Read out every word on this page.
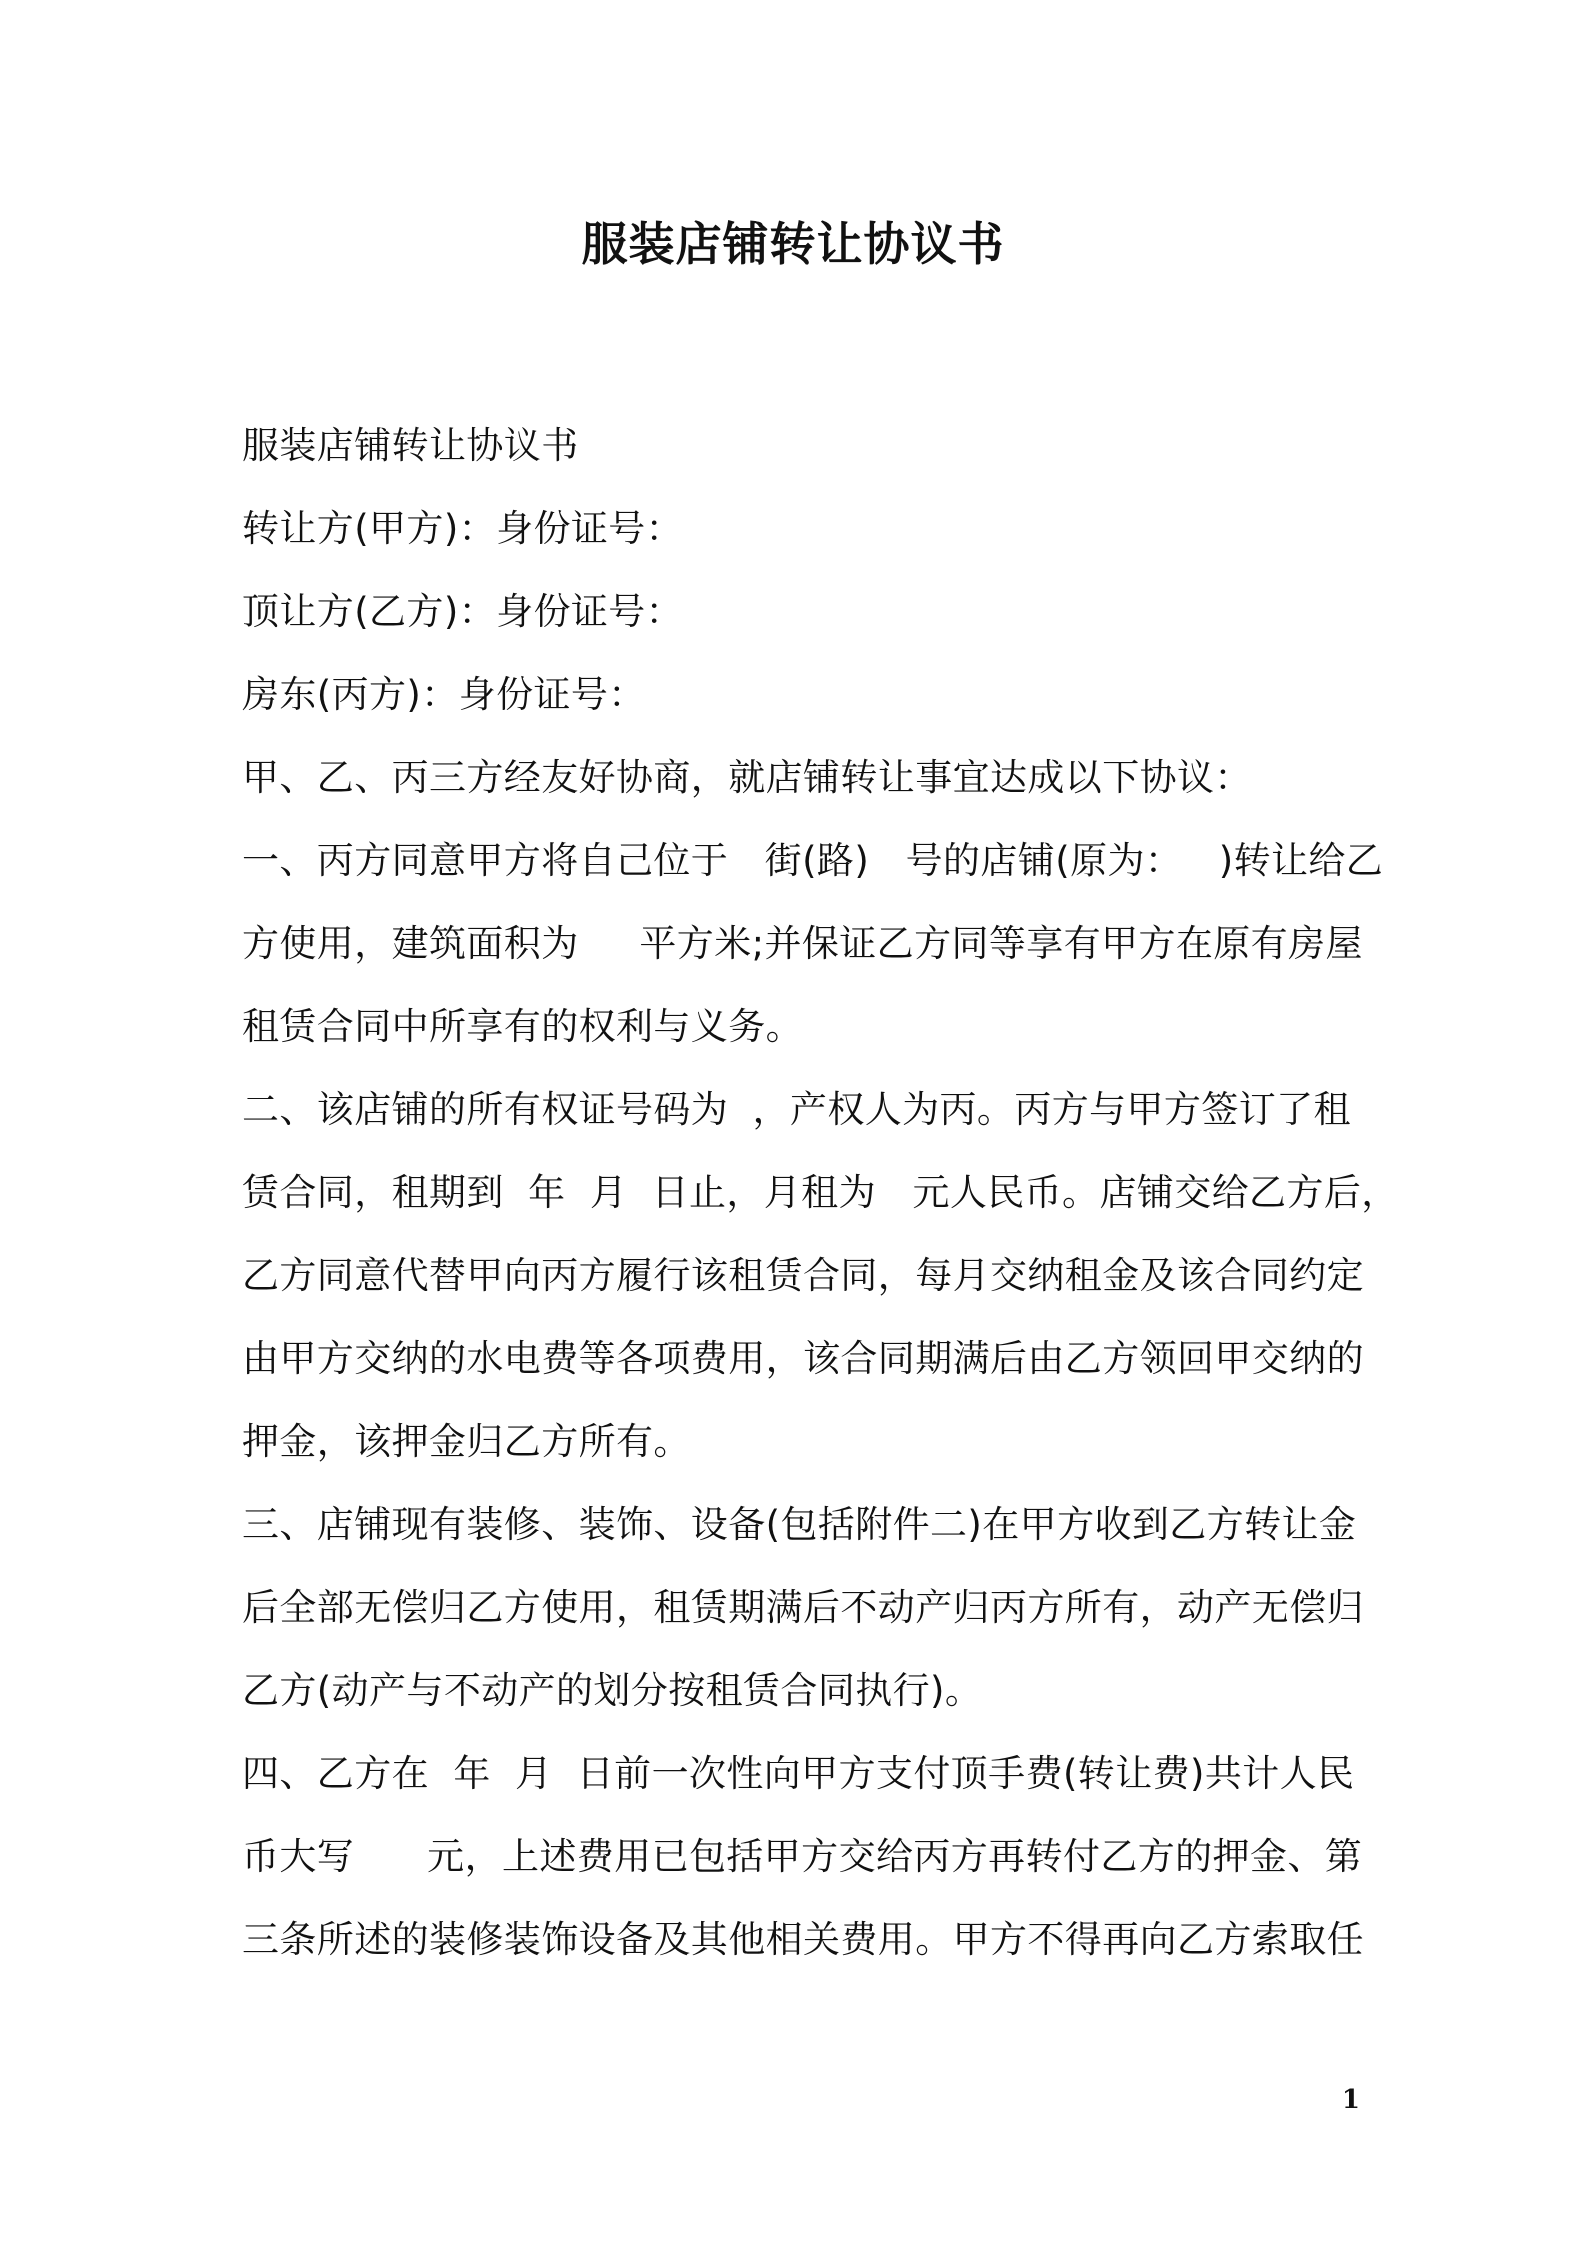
服装店铺转让协议书
服装店铺转让协议书
转让方(甲方)：身份证号：
顶让方(乙方)：身份证号：
房东(丙方)：身份证号：
甲、乙、丙三方经友好协商，就店铺转让事宜达成以下协议：
一、丙方同意甲方将自己位于   街(路)   号的店铺(原为：   )转让给乙
方使用，建筑面积为     平方米;并保证乙方同等享有甲方在原有房屋
租赁合同中所享有的权利与义务。
二、该店铺的所有权证号码为  ，产权人为丙。丙方与甲方签订了租
赁合同，租期到  年  月  日止，月租为   元人民币。店铺交给乙方后，
乙方同意代替甲向丙方履行该租赁合同，每月交纳租金及该合同约定
由甲方交纳的水电费等各项费用，该合同期满后由乙方领回甲交纳的
押金，该押金归乙方所有。
三、店铺现有装修、装饰、设备(包括附件二)在甲方收到乙方转让金
后全部无偿归乙方使用，租赁期满后不动产归丙方所有，动产无偿归
乙方(动产与不动产的划分按租赁合同执行)。
四、乙方在  年  月  日前一次性向甲方支付顶手费(转让费)共计人民
币大写      元，上述费用已包括甲方交给丙方再转付乙方的押金、第
三条所述的装修装饰设备及其他相关费用。甲方不得再向乙方索取任
1
